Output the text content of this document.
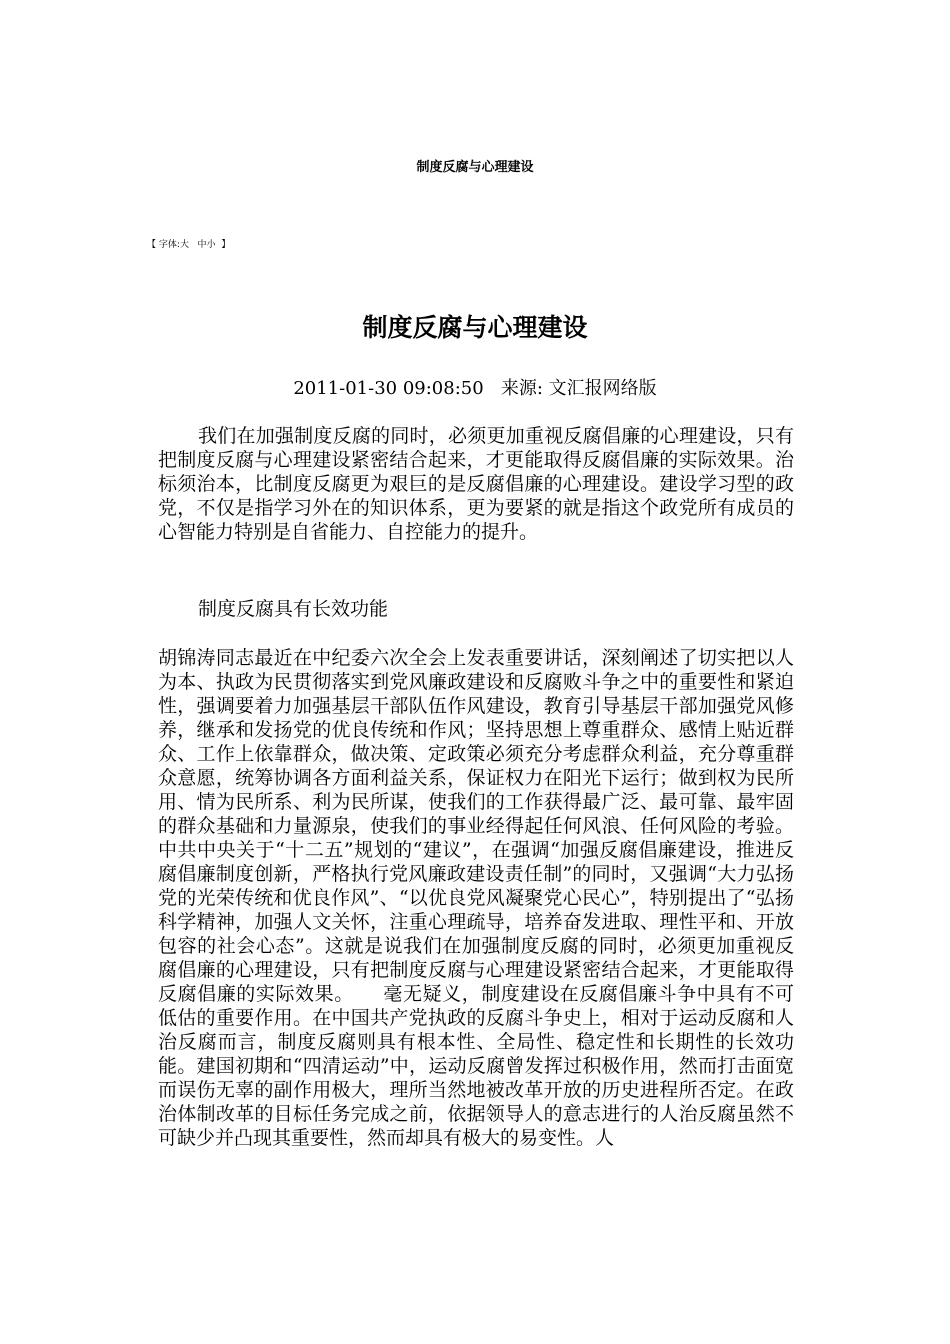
制度反腐与心理建设
【 字体:大 中小 】
制度反腐与心理建设
2011-01-30 09:08:50 来源: 文汇报网络版

我们在加强制度反腐的同时，必须更加重视反腐倡廉的心理建设，只有把制度反腐与心理建设紧密结合起来，才更能取得反腐倡廉的实际效果。治标须治本，比制度反腐更为艰巨的是反腐倡廉的心理建设。建设学习型的政党，不仅是指学习外在的知识体系，更为要紧的就是指这个政党所有成员的心智能力特别是自省能力、自控能力的提升。

制度反腐具有长效功能

胡锦涛同志最近在中纪委六次全会上发表重要讲话，深刻阐述了切实把以人为本、执政为民贯彻落实到党风廉政建设和反腐败斗争之中的重要性和紧迫性，强调要着力加强基层干部队伍作风建设，教育引导基层干部加强党风修养，继承和发扬党的优良传统和作风；坚持思想上尊重群众、感情上贴近群众、工作上依靠群众，做决策、定政策必须充分考虑群众利益，充分尊重群众意愿，统筹协调各方面利益关系，保证权力在阳光下运行；做到权为民所用、情为民所系、利为民所谋，使我们的工作获得最广泛、最可靠、最牢固的群众基础和力量源泉，使我们的事业经得起任何风浪、任何风险的考验。中共中央关于“十二五”规划的“建议”，在强调“加强反腐倡廉建设，推进反腐倡廉制度创新，严格执行党风廉政建设责任制”的同时，又强调“大力弘扬党的光荣传统和优良作风”、“以优良党风凝聚党心民心”，特别提出了“弘扬科学精神，加强人文关怀，注重心理疏导，培养奋发进取、理性平和、开放包容的社会心态”。这就是说我们在加强制度反腐的同时，必须更加重视反腐倡廉的心理建设，只有把制度反腐与心理建设紧密结合起来，才更能取得反腐倡廉的实际效果。　　毫无疑义，制度建设在反腐倡廉斗争中具有不可低估的重要作用。在中国共产党执政的反腐斗争史上，相对于运动反腐和人治反腐而言，制度反腐则具有根本性、全局性、稳定性和长期性的长效功能。建国初期和“四清运动”中，运动反腐曾发挥过积极作用，然而打击面宽而误伤无辜的副作用极大，理所当然地被改革开放的历史进程所否定。在政治体制改革的目标任务完成之前，依据领导人的意志进行的人治反腐虽然不可缺少并凸现其重要性，然而却具有极大的易变性。人
